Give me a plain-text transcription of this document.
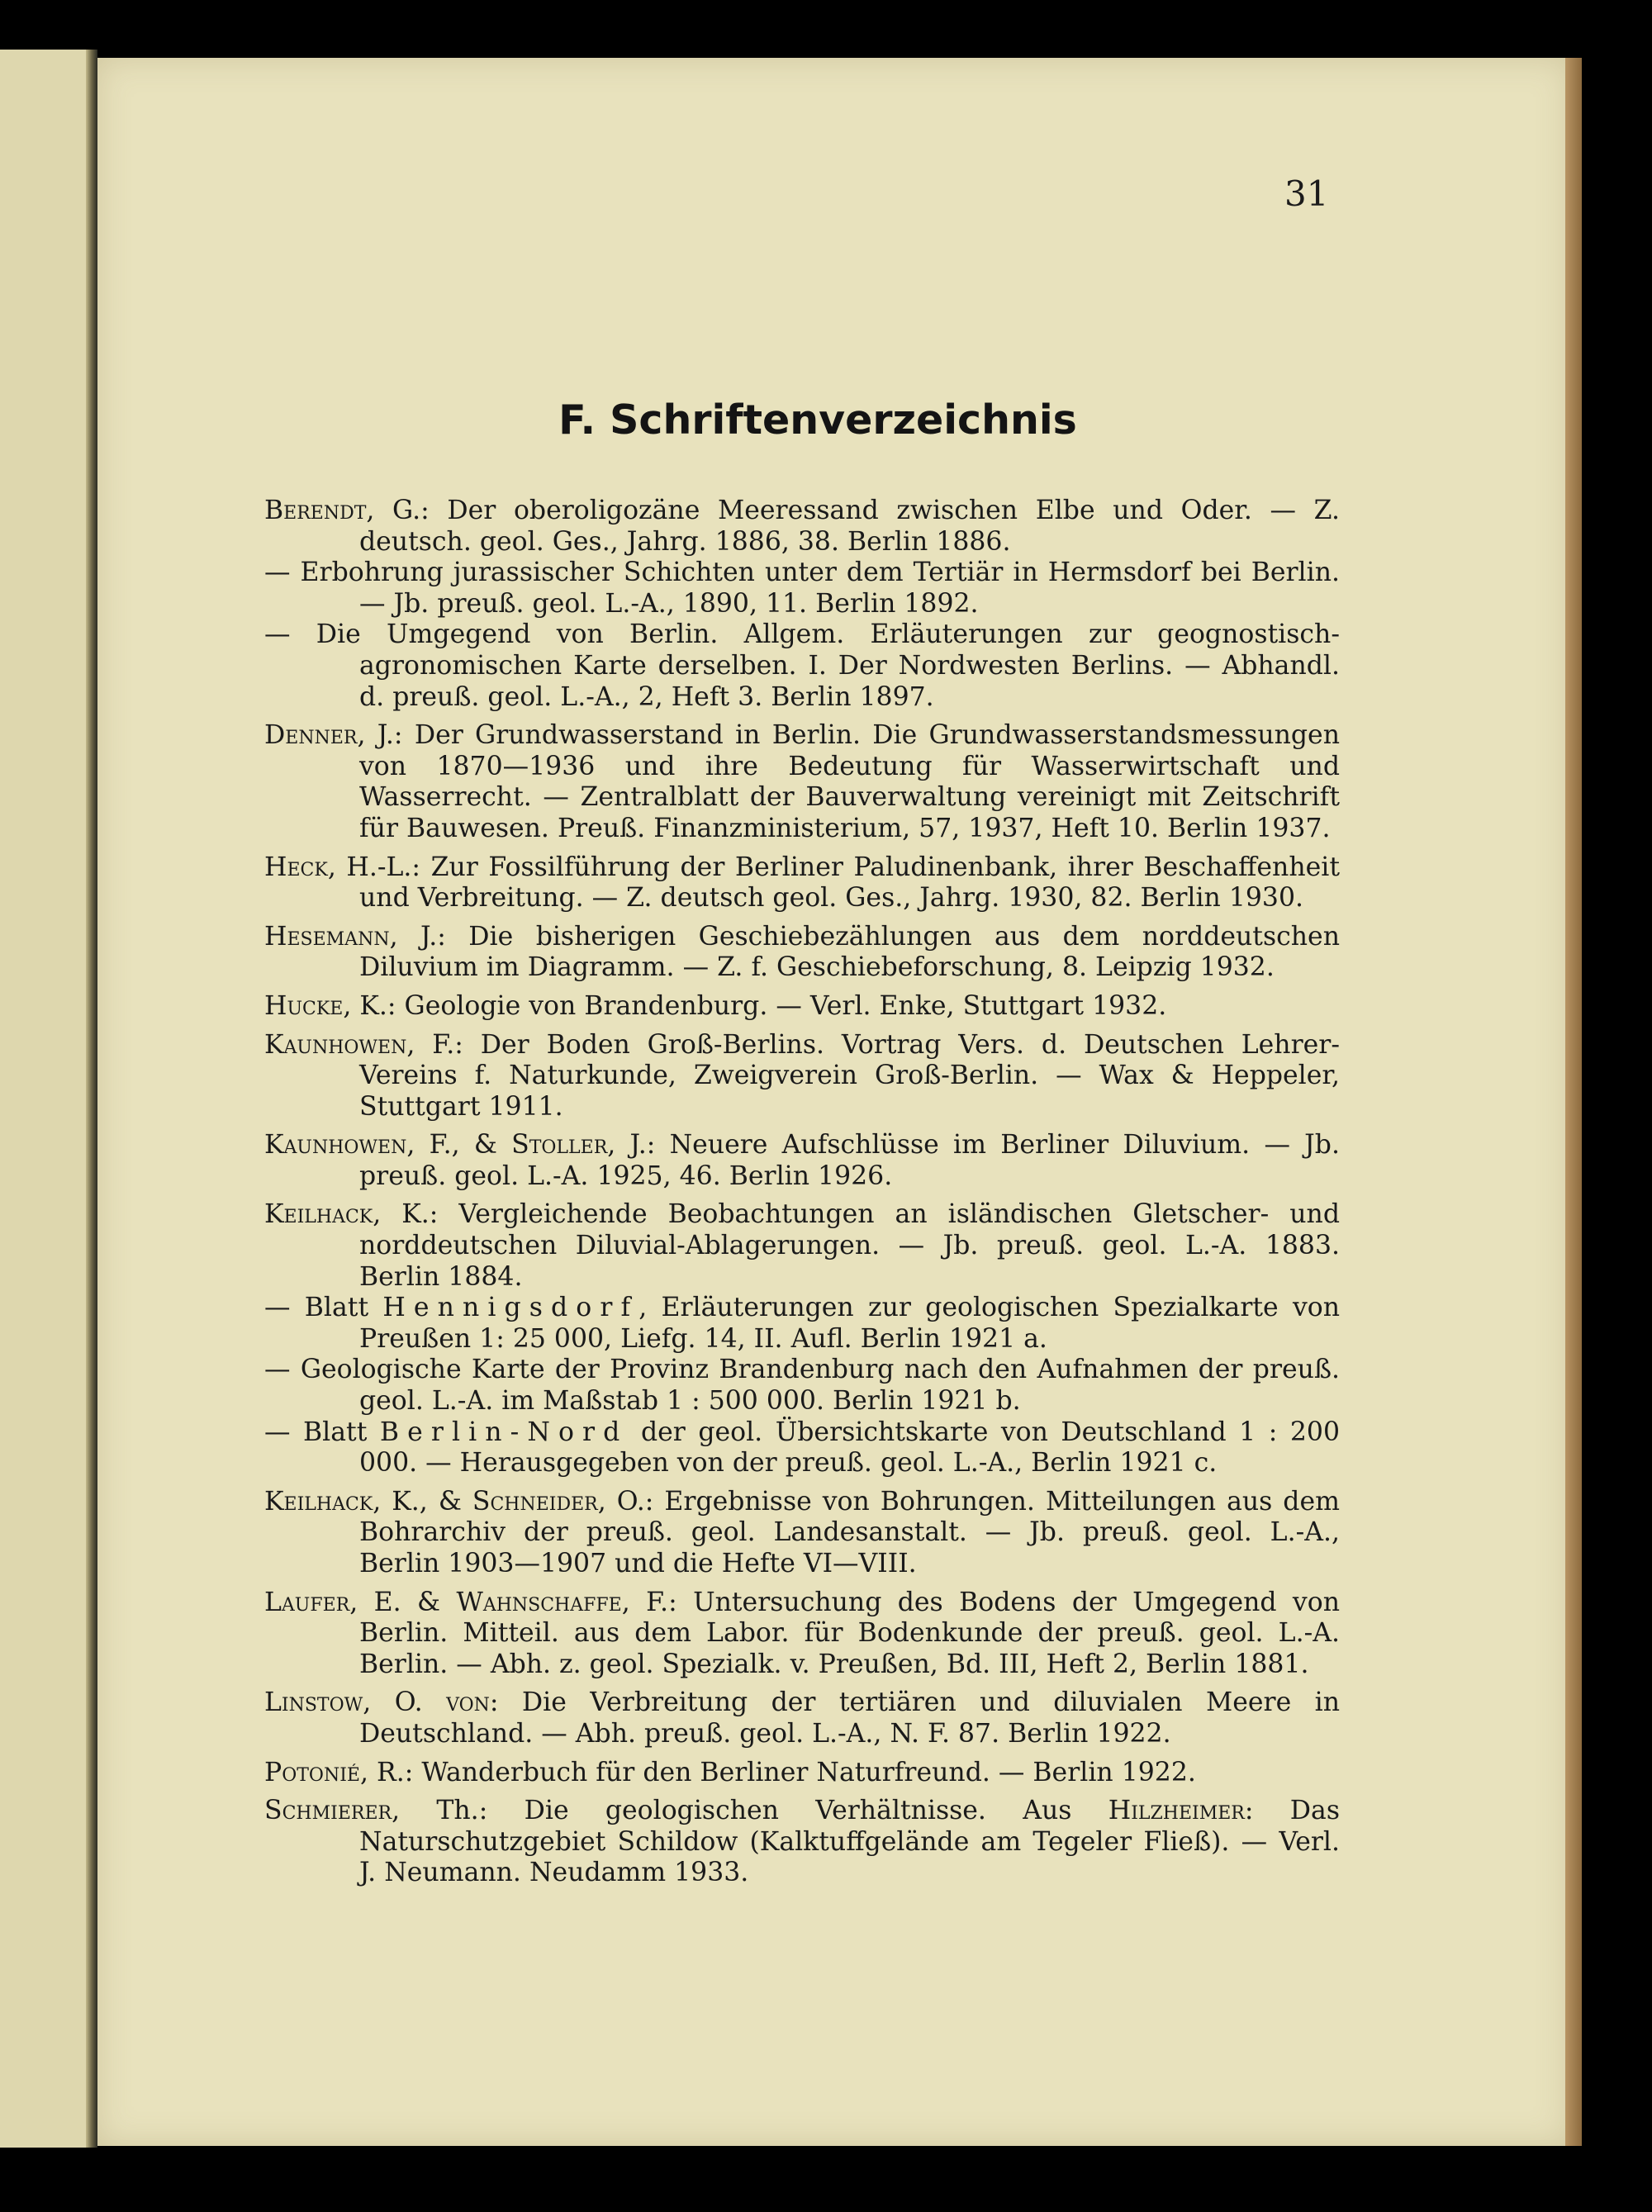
31
F. Schriftenverzeichnis
Berendt, G.: Der oberoligozäne Meeressand zwischen Elbe und Oder. — Z. deutsch. geol. Ges., Jahrg. 1886, 38. Berlin 1886.
— Erbohrung jurassischer Schichten unter dem Tertiär in Hermsdorf bei Berlin. — Jb. preuß. geol. L.-A., 1890, 11. Berlin 1892.
— Die Umgegend von Berlin. Allgem. Erläuterungen zur geognostisch-agronomischen Karte derselben. I. Der Nordwesten Berlins. — Abhandl. d. preuß. geol. L.-A., 2, Heft 3. Berlin 1897.
Denner, J.: Der Grundwasserstand in Berlin. Die Grundwasserstandsmessungen von 1870—1936 und ihre Bedeutung für Wasserwirtschaft und Wasserrecht. — Zentralblatt der Bauverwaltung vereinigt mit Zeitschrift für Bauwesen. Preuß. Finanzministerium, 57, 1937, Heft 10. Berlin 1937.
Heck, H.-L.: Zur Fossilführung der Berliner Paludinenbank, ihrer Beschaffenheit und Verbreitung. — Z. deutsch geol. Ges., Jahrg. 1930, 82. Berlin 1930.
Hesemann, J.: Die bisherigen Geschiebezählungen aus dem norddeutschen Diluvium im Diagramm. — Z. f. Geschiebeforschung, 8. Leipzig 1932.
Hucke, K.: Geologie von Brandenburg. — Verl. Enke, Stuttgart 1932.
Kaunhowen, F.: Der Boden Groß-Berlins. Vortrag Vers. d. Deutschen Lehrer-Vereins f. Naturkunde, Zweigverein Groß-Berlin. — Wax & Heppeler, Stuttgart 1911.
Kaunhowen, F., & Stoller, J.: Neuere Aufschlüsse im Berliner Diluvium. — Jb. preuß. geol. L.-A. 1925, 46. Berlin 1926.
Keilhack, K.: Vergleichende Beobachtungen an isländischen Gletscher- und norddeutschen Diluvial-Ablagerungen. — Jb. preuß. geol. L.-A. 1883. Berlin 1884.
— Blatt Hennigsdorf, Erläuterungen zur geologischen Spezialkarte von Preußen 1: 25 000, Liefg. 14, II. Aufl. Berlin 1921 a.
— Geologische Karte der Provinz Brandenburg nach den Aufnahmen der preuß. geol. L.-A. im Maßstab 1 : 500 000. Berlin 1921 b.
— Blatt Berlin-Nord der geol. Übersichtskarte von Deutschland 1 : 200 000. — Herausgegeben von der preuß. geol. L.-A., Berlin 1921 c.
Keilhack, K., & Schneider, O.: Ergebnisse von Bohrungen. Mitteilungen aus dem Bohrarchiv der preuß. geol. Landesanstalt. — Jb. preuß. geol. L.-A., Berlin 1903—1907 und die Hefte VI—VIII.
Laufer, E. & Wahnschaffe, F.: Untersuchung des Bodens der Umgegend von Berlin. Mitteil. aus dem Labor. für Bodenkunde der preuß. geol. L.-A. Berlin. — Abh. z. geol. Spezialk. v. Preußen, Bd. III, Heft 2, Berlin 1881.
Linstow, O. von: Die Verbreitung der tertiären und diluvialen Meere in Deutschland. — Abh. preuß. geol. L.-A., N. F. 87. Berlin 1922.
Potonié, R.: Wanderbuch für den Berliner Naturfreund. — Berlin 1922.
Schmierer, Th.: Die geologischen Verhältnisse. Aus Hilzheimer: Das Naturschutzgebiet Schildow (Kalktuffgelände am Tegeler Fließ). — Verl. J. Neumann. Neudamm 1933.
